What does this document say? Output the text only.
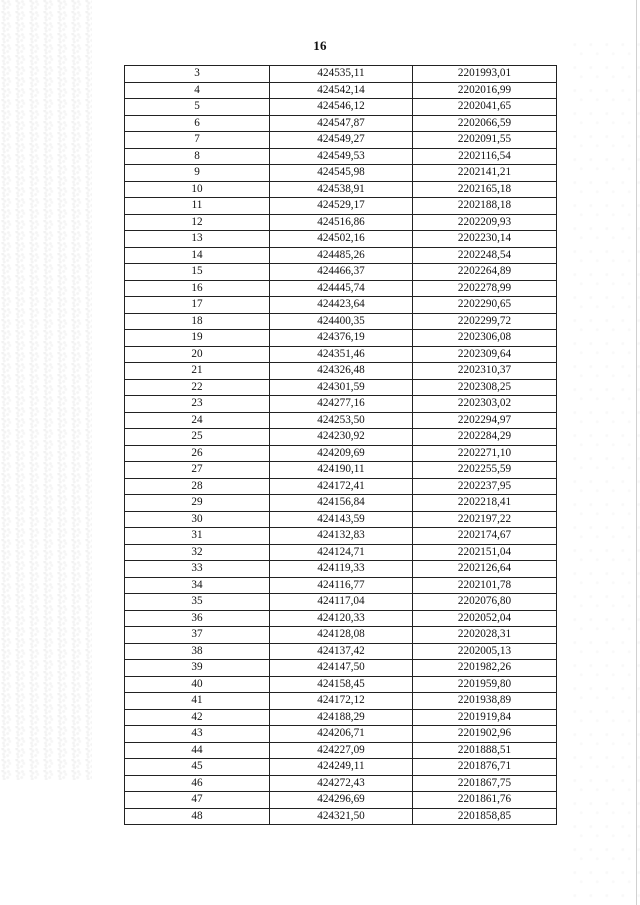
16
3	424535,11	2201993,01
4	424542,14	2202016,99
5	424546,12	2202041,65
6	424547,87	2202066,59
7	424549,27	2202091,55
8	424549,53	2202116,54
9	424545,98	2202141,21
10	424538,91	2202165,18
11	424529,17	2202188,18
12	424516,86	2202209,93
13	424502,16	2202230,14
14	424485,26	2202248,54
15	424466,37	2202264,89
16	424445,74	2202278,99
17	424423,64	2202290,65
18	424400,35	2202299,72
19	424376,19	2202306,08
20	424351,46	2202309,64
21	424326,48	2202310,37
22	424301,59	2202308,25
23	424277,16	2202303,02
24	424253,50	2202294,97
25	424230,92	2202284,29
26	424209,69	2202271,10
27	424190,11	2202255,59
28	424172,41	2202237,95
29	424156,84	2202218,41
30	424143,59	2202197,22
31	424132,83	2202174,67
32	424124,71	2202151,04
33	424119,33	2202126,64
34	424116,77	2202101,78
35	424117,04	2202076,80
36	424120,33	2202052,04
37	424128,08	2202028,31
38	424137,42	2202005,13
39	424147,50	2201982,26
40	424158,45	2201959,80
41	424172,12	2201938,89
42	424188,29	2201919,84
43	424206,71	2201902,96
44	424227,09	2201888,51
45	424249,11	2201876,71
46	424272,43	2201867,75
47	424296,69	2201861,76
48	424321,50	2201858,85
